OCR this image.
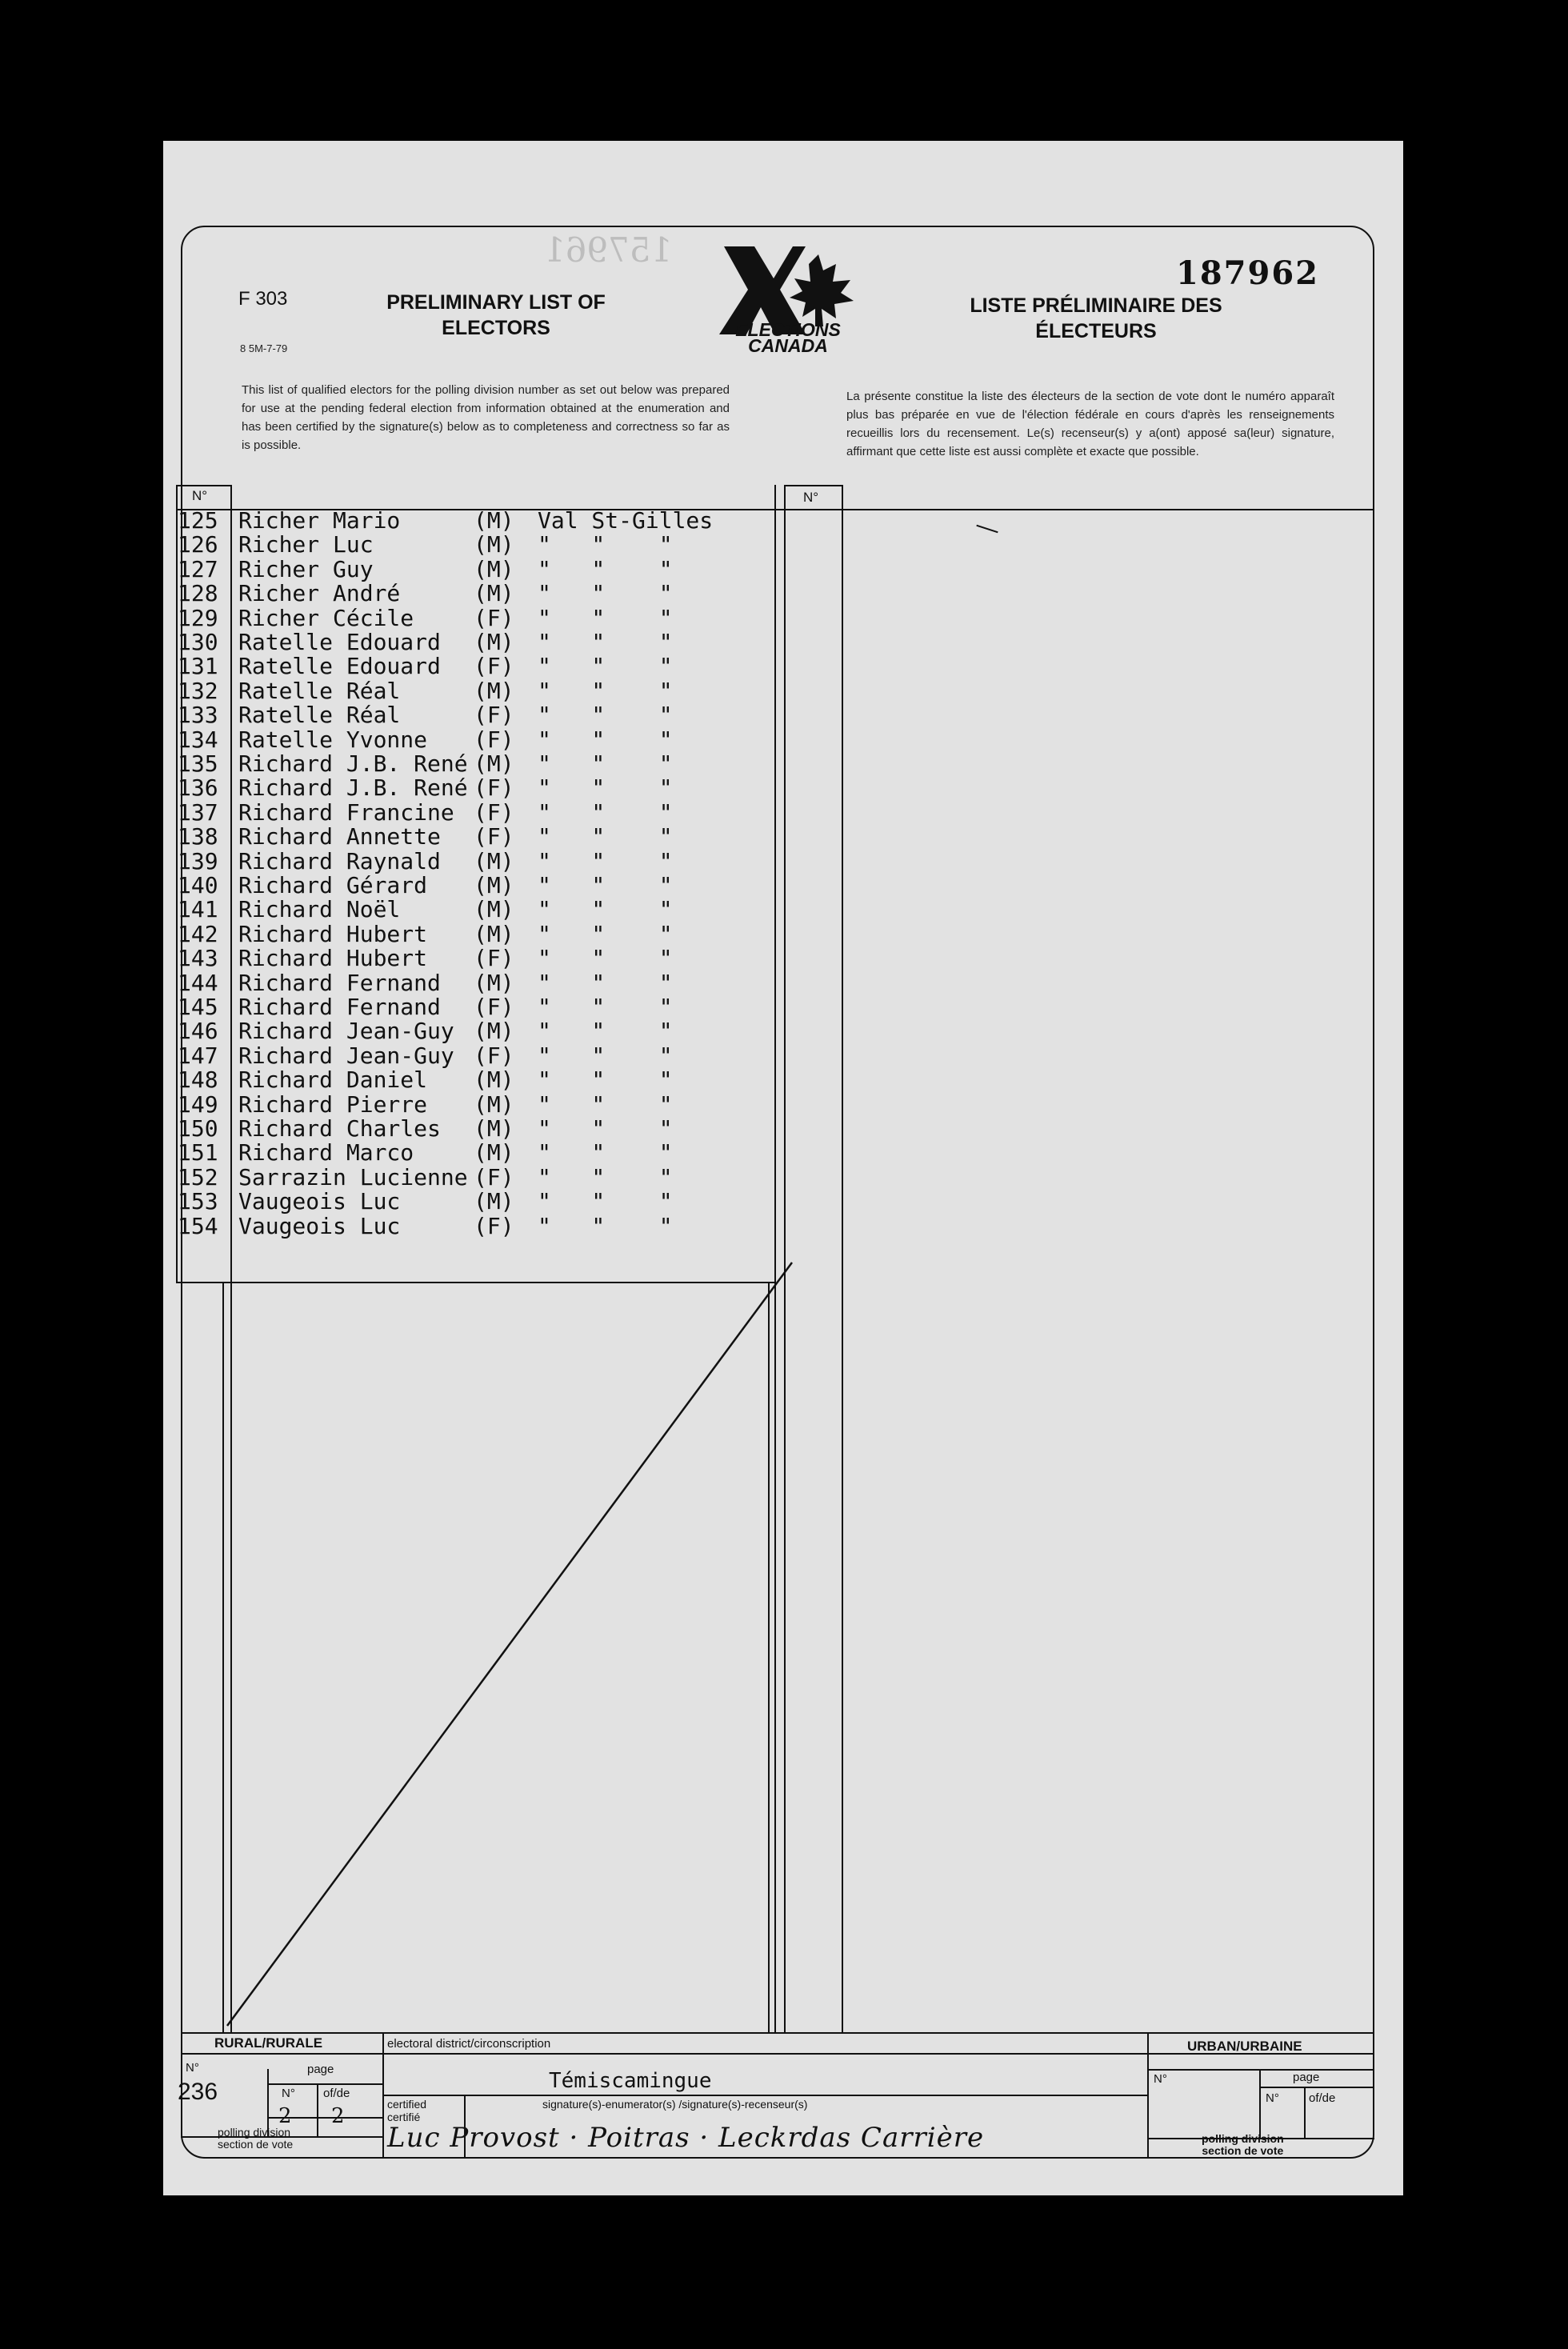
157961
F 303
8 5M-7-79
PRELIMINARY LIST OF
ELECTORS
LISTE PRÉLIMINAIRE DES
ÉLECTEURS
187962
ELECTIONS
CANADA
This list of qualified electors for the polling division number as set out below was prepared for use at the pending federal election from information obtained at the enumeration and has been certified by the signature(s) below as to completeness and correctness so far as is possible.
La présente constitue la liste des électeurs de la section de vote dont le numéro apparaît plus bas préparée en vue de l'élection fédérale en cours d'après les renseignements recueillis lors du recensement. Le(s) recenseur(s) y a(ont) apposé sa(leur) signature, affirmant que cette liste est aussi complète et exacte que possible.
N°	N°
125 Richer Mario	(M) Val St-Gilles
126 Richer Luc	(M) "   "    "
127 Richer Guy	(M) "   "    "
128 Richer André	(M) "   "    "
129 Richer Cécile	(F) "   "    "
130 Ratelle Edouard (M) "   "    "
131 Ratelle Edouard (F) "   "    "
132 Ratelle Réal	(M) "   "    "
133 Ratelle Réal	(F) "   "    "
134 Ratelle Yvonne (F) "   "    "
135 Richard J.B. René (M) "   "    "
136 Richard J.B. René (F) "   "    "
137 Richard Francine (F) "   "    "
138 Richard Annette (F) "   "    "
139 Richard Raynald (M) "   "    "
140 Richard Gérard (M) "   "    "
141 Richard Noël	(M) "   "    "
142 Richard Hubert (M) "   "    "
143 Richard Hubert (F) "   "    "
144 Richard Fernand (M) "   "    "
145 Richard Fernand (F) "   "    "
146 Richard Jean-Guy (M) "   "    "
147 Richard Jean-Guy (F) "   "    "
148 Richard Daniel (M) "   "    "
149 Richard Pierre (M) "   "    "
150 Richard Charles (M) "   "    "
151 Richard Marco	(M) "   "    "
152 Sarrazin Lucienne (F) "   "    "
153 Vaugeois Luc	(M) "   "    "
154 Vaugeois Luc	(F) "   "    "
RURAL/RURALE
N°	page
N° of/de
236
2 2
polling division
section de vote
electoral district/circonscription
Témiscamingue
certified
certifié
signature(s)-enumerator(s) /signature(s)-recenseur(s)
Luc Provost · Poitras · Leckrdas Carrière
URBAN/URBAINE
N°	page
N° of/de
polling division
section de vote
